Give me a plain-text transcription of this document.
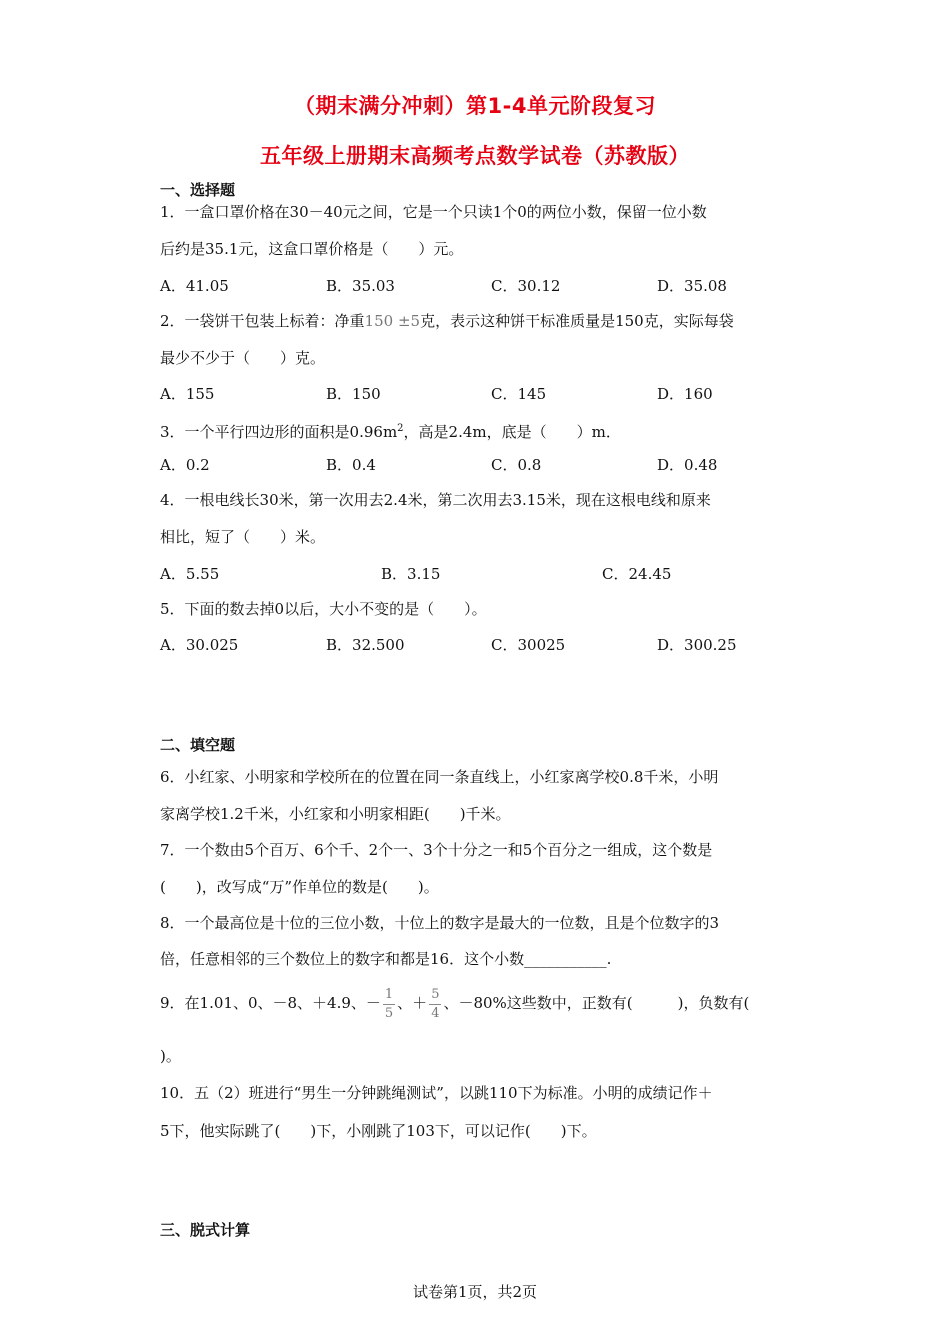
（期末满分冲刺）第1-4单元阶段复习
五年级上册期末高频考点数学试卷（苏教版）
一、选择题
1．一盒口罩价格在30－40元之间，它是一个只读1个0的两位小数，保留一位小数
后约是35.1元，这盒口罩价格是（　　）元。
A．41.05	B．35.03	C．30.12	D．35.08
2．一袋饼干包装上标着：净重150 ±5克，表示这种饼干标准质量是150克，实际每袋
最少不少于（　　）克。
A．155	B．150	C．145	D．160
3．一个平行四边形的面积是$0.96m^2$，高是2.4m，底是（　　）m．
A．0.2	B．0.4	C．0.8	D．0.48
4．一根电线长30米，第一次用去2.4米，第二次用去3.15米，现在这根电线和原来
相比，短了（　　）米。
A．5.55	B．3.15	C．24.45
5．下面的数去掉0以后，大小不变的是（　　）。
A．30.025	B．32.500	C．30025	D．300.25
二、填空题
6．小红家、小明家和学校所在的位置在同一条直线上，小红家离学校0.8千米，小明
家离学校1.2千米，小红家和小明家相距(　　)千米。
7．一个数由5个百万、6个千、2个一、3个十分之一和5个百分之一组成，这个数是
(　　)，改写成“万”作单位的数是(　　)。
8．一个最高位是十位的三位小数，十位上的数字是最大的一位数，且是个位数字的3
倍，任意相邻的三个数位上的数字和都是16．这个小数___________.
9．在1.01、0、－8、＋4.9、－ $\frac{1}{5}$ 、＋ $\frac{5}{4}$ 、－80%这些数中，正数有(　　　)，负数有(
)。
10．五（2）班进行“男生一分钟跳绳测试”，以跳110下为标准。小明的成绩记作＋
5下，他实际跳了(　　)下，小刚跳了103下，可以记作(　　)下。
三、脱式计算
试卷第1页，共2页
